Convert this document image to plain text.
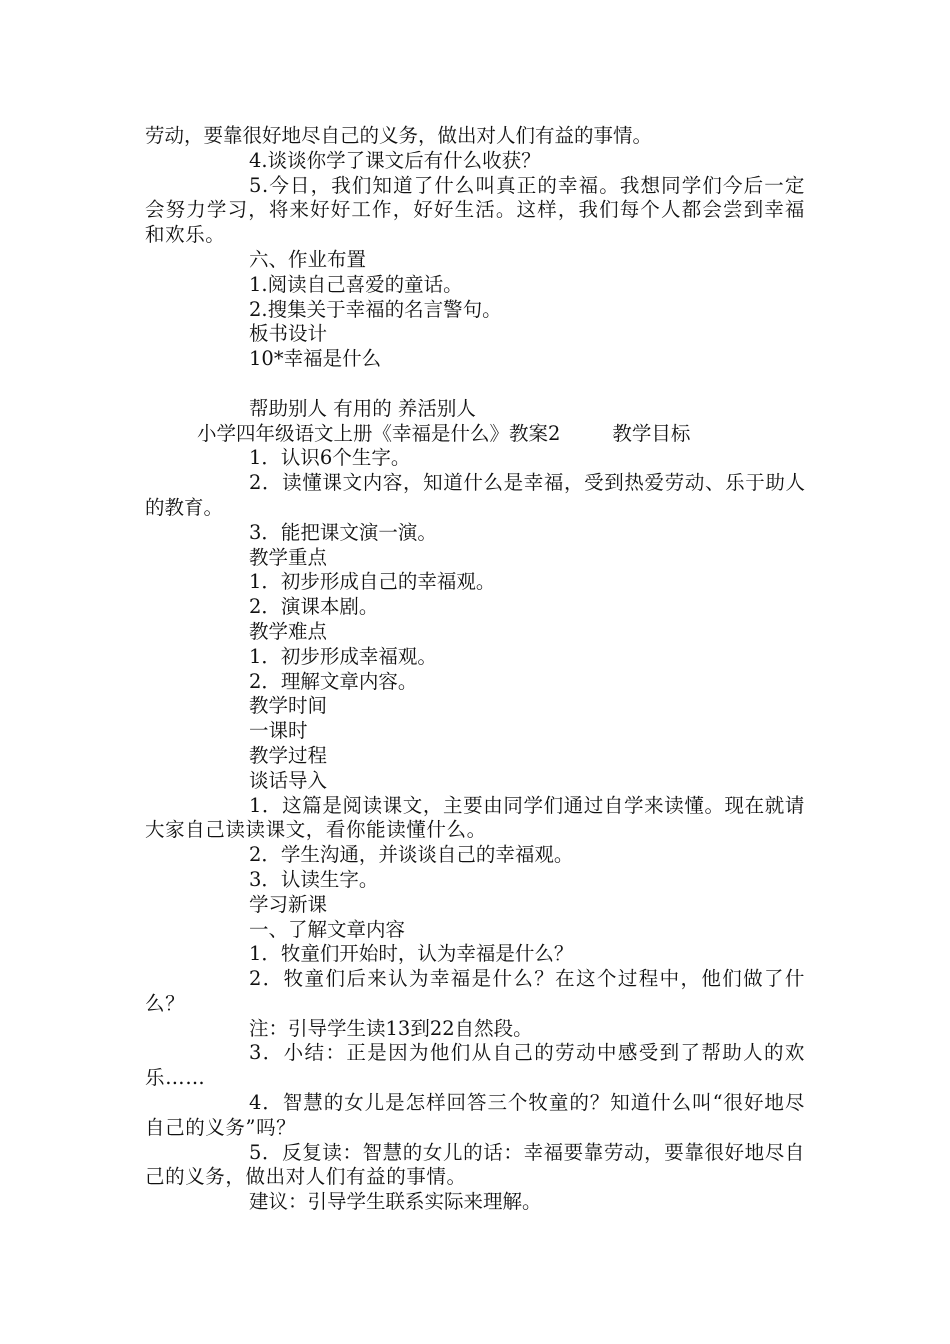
劳动，要靠很好地尽自己的义务，做出对人们有益的事情。

4.谈谈你学了课文后有什么收获？

5.今日，我们知道了什么叫真正的幸福。我想同学们今后一定会努力学习，将来好好工作，好好生活。这样，我们每个人都会尝到幸福和欢乐。

六、作业布置

1.阅读自己喜爱的童话。

2.搜集关于幸福的名言警句。

板书设计

10*幸福是什么

帮助别人 有用的 养活别人

小学四年级语文上册《幸福是什么》教案2	教学目标

1．认识6个生字。

2．读懂课文内容，知道什么是幸福，受到热爱劳动、乐于助人的教育。

3．能把课文演一演。

教学重点

1．初步形成自己的幸福观。

2．演课本剧。

教学难点

1．初步形成幸福观。

2．理解文章内容。

教学时间

一课时

教学过程

谈话导入

1．这篇是阅读课文，主要由同学们通过自学来读懂。现在就请大家自己读读课文，看你能读懂什么。

2．学生沟通，并谈谈自己的幸福观。

3．认读生字。

学习新课

一、了解文章内容

1．牧童们开始时，认为幸福是什么？

2．牧童们后来认为幸福是什么？在这个过程中，他们做了什么？

注：引导学生读13到22自然段。

3．小结：正是因为他们从自己的劳动中感受到了帮助人的欢乐……

4．智慧的女儿是怎样回答三个牧童的？知道什么叫“很好地尽自己的义务”吗？

5．反复读：智慧的女儿的话：幸福要靠劳动，要靠很好地尽自己的义务，做出对人们有益的事情。

建议：引导学生联系实际来理解。
